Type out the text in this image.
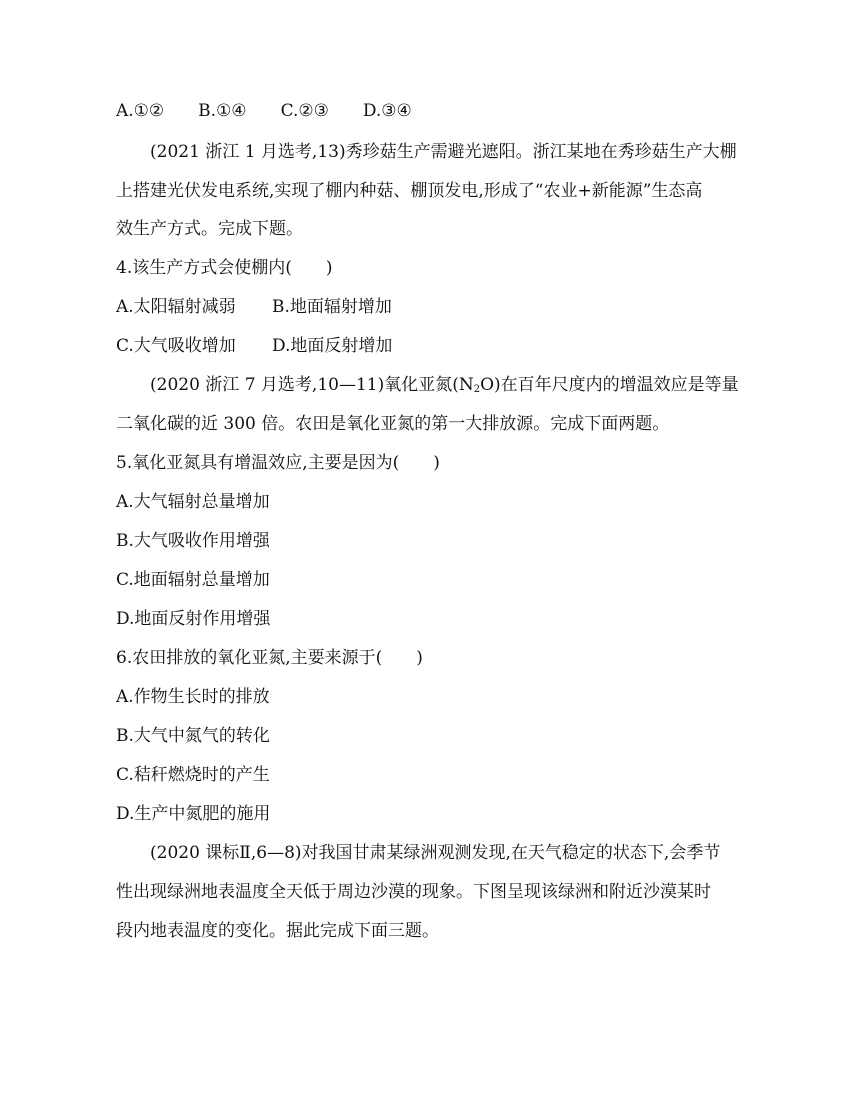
A.①② B.①④ C.②③ D.③④
(2021 浙江 1 月选考,13)秀珍菇生产需避光遮阳。浙江某地在秀珍菇生产大棚
上搭建光伏发电系统,实现了棚内种菇、棚顶发电,形成了“农业+新能源”生态高
效生产方式。完成下题。
4.该生产方式会使棚内(　　)
A.太阳辐射减弱 B.地面辐射增加
C.大气吸收增加 D.地面反射增加
(2020 浙江 7 月选考,10—11)氧化亚氮$(N_2O)$在百年尺度内的增温效应是等量
二氧化碳的近 300 倍。农田是氧化亚氮的第一大排放源。完成下面两题。
5.氧化亚氮具有增温效应,主要是因为(　　)
A.大气辐射总量增加
B.大气吸收作用增强
C.地面辐射总量增加
D.地面反射作用增强
6.农田排放的氧化亚氮,主要来源于(　　)
A.作物生长时的排放
B.大气中氮气的转化
C.秸秆燃烧时的产生
D.生产中氮肥的施用
(2020 课标Ⅱ,6—8)对我国甘肃某绿洲观测发现,在天气稳定的状态下,会季节
性出现绿洲地表温度全天低于周边沙漠的现象。下图呈现该绿洲和附近沙漠某时
段内地表温度的变化。据此完成下面三题。
